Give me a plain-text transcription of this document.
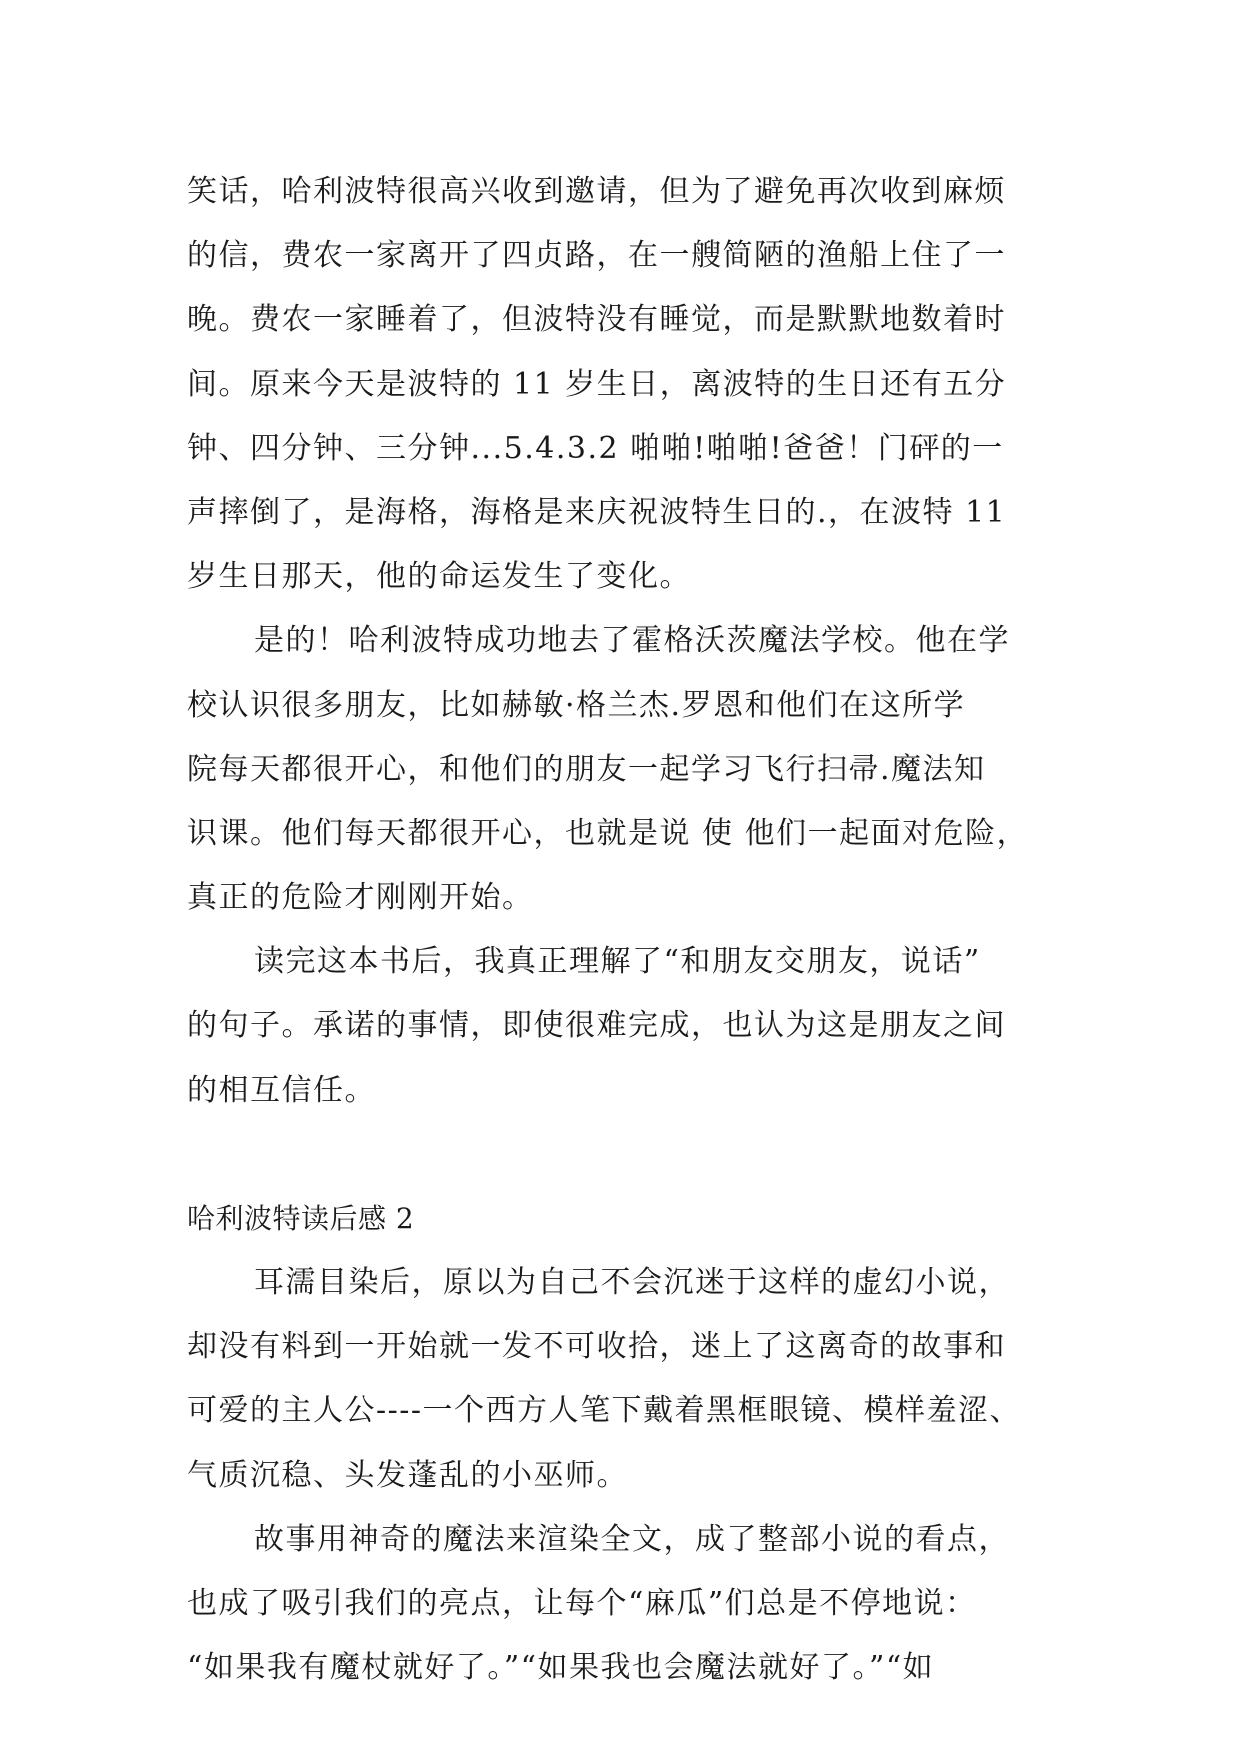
笑话，哈利波特很高兴收到邀请，但为了避免再次收到麻烦
的信，费农一家离开了四贞路，在一艘简陋的渔船上住了一
晚。费农一家睡着了，但波特没有睡觉，而是默默地数着时
间。原来今天是波特的 11 岁生日，离波特的生日还有五分
钟、四分钟、三分钟...5.4.3.2 啪啪!啪啪!爸爸！门砰的一
声摔倒了，是海格，海格是来庆祝波特生日的.，在波特 11
岁生日那天，他的命运发生了变化。
是的！哈利波特成功地去了霍格沃茨魔法学校。他在学
校认识很多朋友，比如赫敏·格兰杰.罗恩和他们在这所学
院每天都很开心，和他们的朋友一起学习飞行扫帚.魔法知
识课。他们每天都很开心，也就是说 使 他们一起面对危险，
真正的危险才刚刚开始。
读完这本书后，我真正理解了“和朋友交朋友，说话”
的句子。承诺的事情，即使很难完成，也认为这是朋友之间
的相互信任。
哈利波特读后感 2
耳濡目染后，原以为自己不会沉迷于这样的虚幻小说，
却没有料到一开始就一发不可收拾，迷上了这离奇的故事和
可爱的主人公----一个西方人笔下戴着黑框眼镜、模样羞涩、
气质沉稳、头发蓬乱的小巫师。
故事用神奇的魔法来渲染全文，成了整部小说的看点，
也成了吸引我们的亮点，让每个“麻瓜”们总是不停地说：
“如果我有魔杖就好了。”“如果我也会魔法就好了。”“如
